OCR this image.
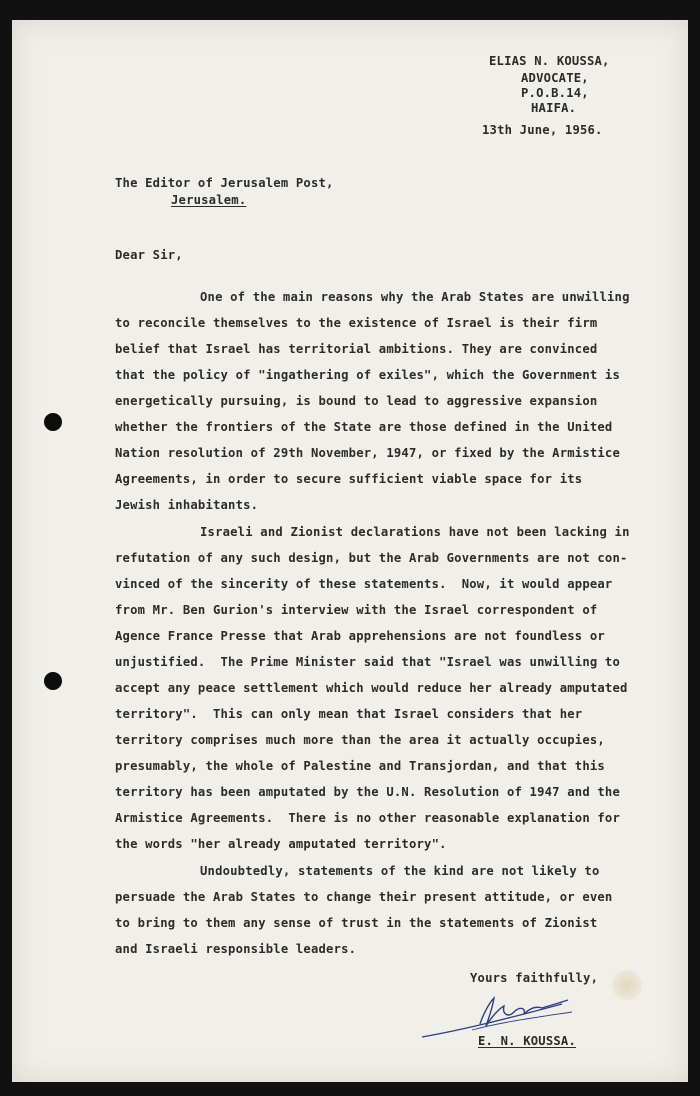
ELIAS N. KOUSSA,
ADVOCATE,
P.O.B.14,
HAIFA.
13th June, 1956.
The Editor of Jerusalem Post,
Jerusalem.
Dear Sir,
One of the main reasons why the Arab States are unwilling
to reconcile themselves to the existence of Israel is their firm
belief that Israel has territorial ambitions. They are convinced
that the policy of "ingathering of exiles", which the Government is
energetically pursuing, is bound to lead to aggressive expansion
whether the frontiers of the State are those defined in the United
Nation resolution of 29th November, 1947, or fixed by the Armistice
Agreements, in order to secure sufficient viable space for its
Jewish inhabitants.
Israeli and Zionist declarations have not been lacking in
refutation of any such design, but the Arab Governments are not con-
vinced of the sincerity of these statements.  Now, it would appear
from Mr. Ben Gurion's interview with the Israel correspondent of
Agence France Presse that Arab apprehensions are not foundless or
unjustified.  The Prime Minister said that "Israel was unwilling to
accept any peace settlement which would reduce her already amputated
territory".  This can only mean that Israel considers that her
territory comprises much more than the area it actually occupies,
presumably, the whole of Palestine and Transjordan, and that this
territory has been amputated by the U.N. Resolution of 1947 and the
Armistice Agreements.  There is no other reasonable explanation for
the words "her already amputated territory".
Undoubtedly, statements of the kind are not likely to
persuade the Arab States to change their present attitude, or even
to bring to them any sense of trust in the statements of Zionist
and Israeli responsible leaders.
Yours faithfully,
E. N. KOUSSA.
